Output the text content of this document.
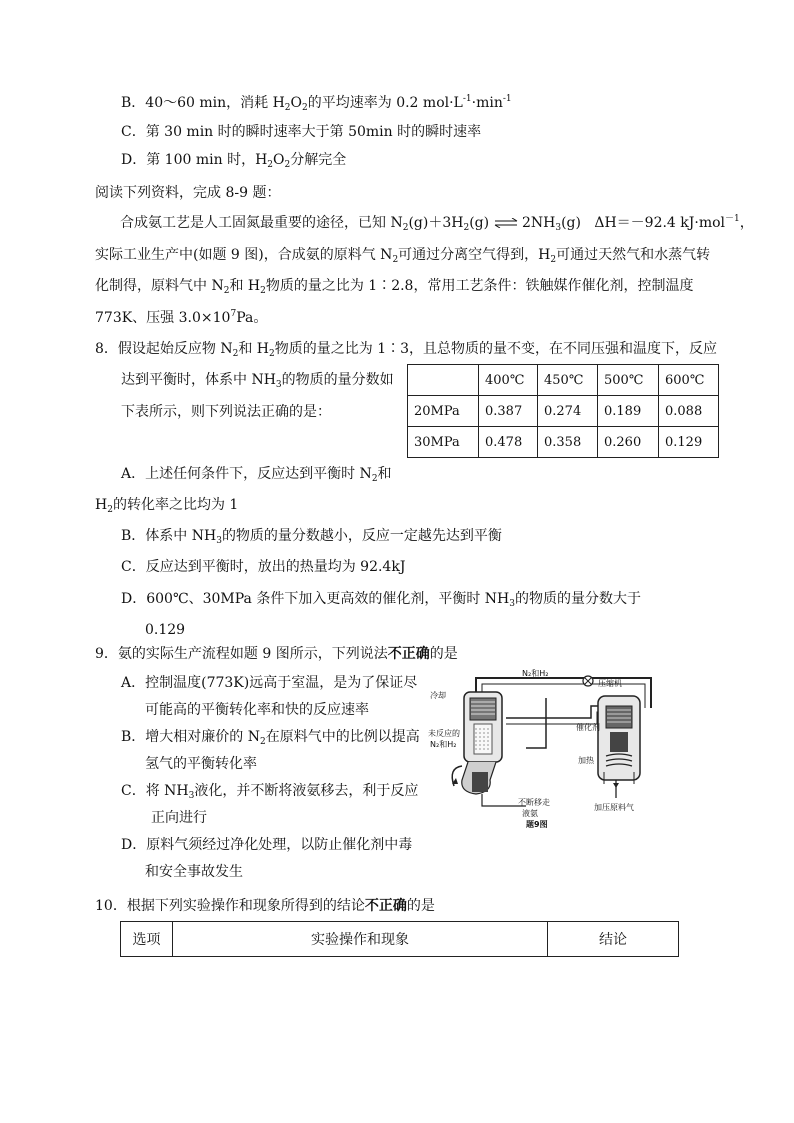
B．40～60 min，消耗 $H_2O_2$的平均速率为 0.2 $mol\cdot L^{-1}\cdot\min^{-1}$
C．第 30 min 时的瞬时速率大于第 50min 时的瞬时速率
D．第 100 min 时，$H_2O_2$分解完全
阅读下列资料，完成 8-9 题：
合成氨工艺是人工固氮最重要的途径，已知 $N_2(g)+3H_2(g)$ ⇌ $2NH_3(g)$ ΔH＝－92.4 kJ·mol$^{-1}$，
实际工业生产中(如题 9 图)，合成氨的原料气 $N_2$可通过分离空气得到，$H_2$可通过天然气和水蒸气转
化制得，原料气中 $N_2$和 $H_2$物质的量之比为 1∶2.8，常用工艺条件：铁触媒作催化剂，控制温度
773K、压强 $3.0\times 10^7Pa$。
8．假设起始反应物 $N_2$和 $H_2$物质的量之比为 1∶3，且总物质的量不变，在不同压强和温度下，反应
达到平衡时，体系中 $NH_3$的物质的量分数如
下表所示，则下列说法正确的是：
	400℃	450℃	500℃	600℃
20MPa	0.387	0.274	0.189	0.088
30MPa	0.478	0.358	0.260	0.129
A．上述任何条件下，反应达到平衡时 $N_2$和
$H_2$的转化率之比均为 1
B．体系中 $NH_3$的物质的量分数越小，反应一定越先达到平衡
C．反应达到平衡时，放出的热量均为 92.4kJ
D．600℃、30MPa 条件下加入更高效的催化剂，平衡时 $NH_3$的物质的量分数大于
0.129
9．氨的实际生产流程如题 9 图所示，下列说法不正确的是
A．控制温度(773K)远高于室温，是为了保证尽
可能高的平衡转化率和快的反应速率
B．增大相对廉价的 $N_2$在原料气中的比例以提高
氢气的平衡转化率
C．将 $NH_3$液化，并不断将液氨移去，利于反应
正向进行
D．原料气须经过净化处理，以防止催化剂中毒
和安全事故发生
冷却
N₂和H₂
压缩机
未反应的
N₂和H₂
催化剂
加热
不断移走
液氨
加压原料气
题9图
10．根据下列实验操作和现象所得到的结论不正确的是
选项	实验操作和现象	结论
